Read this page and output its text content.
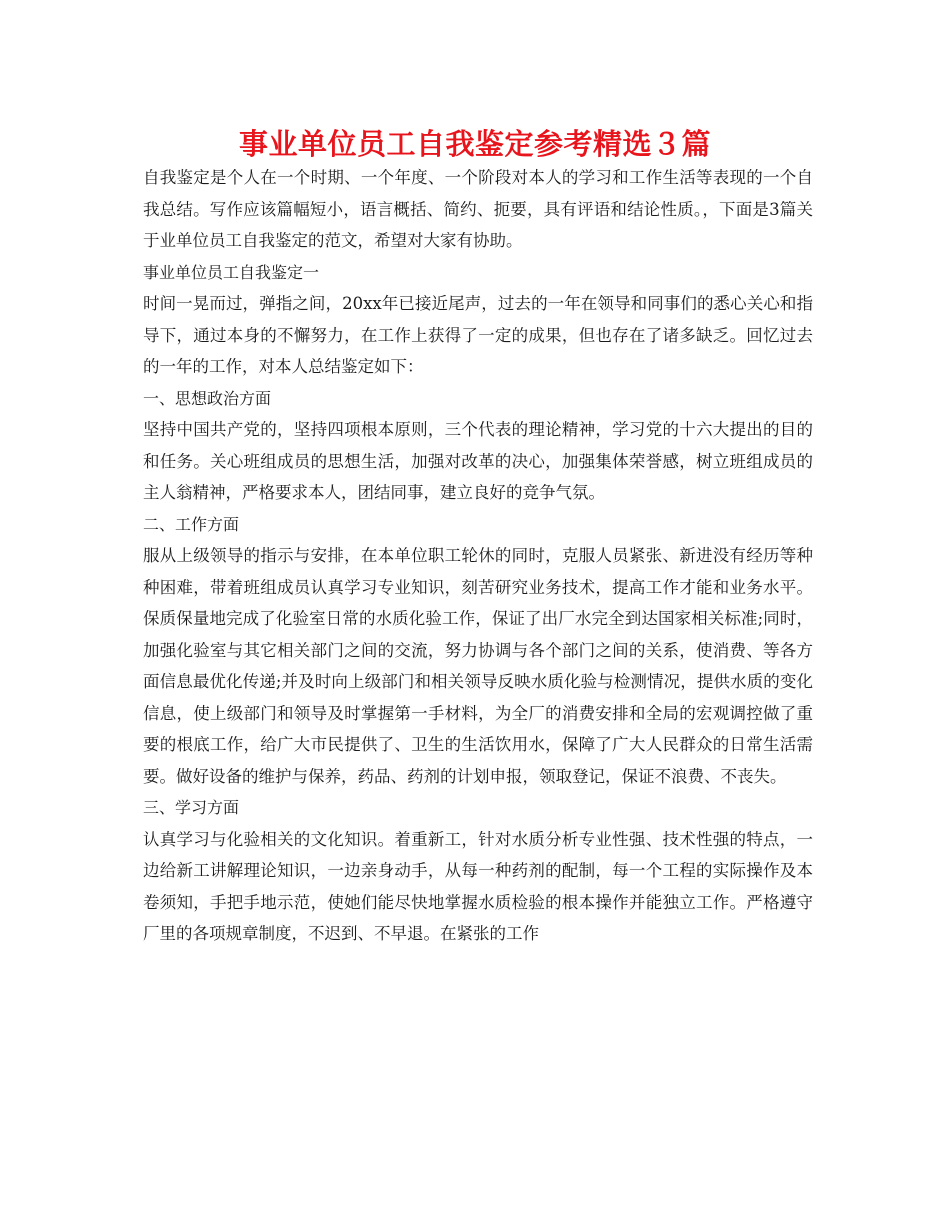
事业单位员工自我鉴定参考精选３篇

自我鉴定是个人在一个时期、一个年度、一个阶段对本人的学习和工作生活等表现的一个自我总结。写作应该篇幅短小，语言概括、简约、扼要，具有评语和结论性质。，下面是3篇关于业单位员工自我鉴定的范文，希望对大家有协助。

事业单位员工自我鉴定一

时间一晃而过，弹指之间，20xx年已接近尾声，过去的一年在领导和同事们的悉心关心和指导下，通过本身的不懈努力，在工作上获得了一定的成果，但也存在了诸多缺乏。回忆过去的一年的工作，对本人总结鉴定如下：

一、思想政治方面

坚持中国共产党的，坚持四项根本原则，三个代表的理论精神，学习党的十六大提出的目的和任务。关心班组成员的思想生活，加强对改革的决心，加强集体荣誉感，树立班组成员的主人翁精神，严格要求本人，团结同事，建立良好的竞争气氛。

二、工作方面

服从上级领导的指示与安排，在本单位职工轮休的同时，克服人员紧张、新进没有经历等种种困难，带着班组成员认真学习专业知识，刻苦研究业务技术，提高工作才能和业务水平。保质保量地完成了化验室日常的水质化验工作，保证了出厂水完全到达国家相关标准;同时，加强化验室与其它相关部门之间的交流，努力协调与各个部门之间的关系，使消费、等各方面信息最优化传递;并及时向上级部门和相关领导反映水质化验与检测情况，提供水质的变化信息，使上级部门和领导及时掌握第一手材料，为全厂的消费安排和全局的宏观调控做了重要的根底工作，给广大市民提供了、卫生的生活饮用水，保障了广大人民群众的日常生活需要。做好设备的维护与保养，药品、药剂的计划申报，领取登记，保证不浪费、不丧失。

三、学习方面

认真学习与化验相关的文化知识。着重新工，针对水质分析专业性强、技术性强的特点，一边给新工讲解理论知识，一边亲身动手，从每一种药剂的配制，每一个工程的实际操作及本卷须知，手把手地示范，使她们能尽快地掌握水质检验的根本操作并能独立工作。严格遵守厂里的各项规章制度，不迟到、不早退。在紧张的工作
